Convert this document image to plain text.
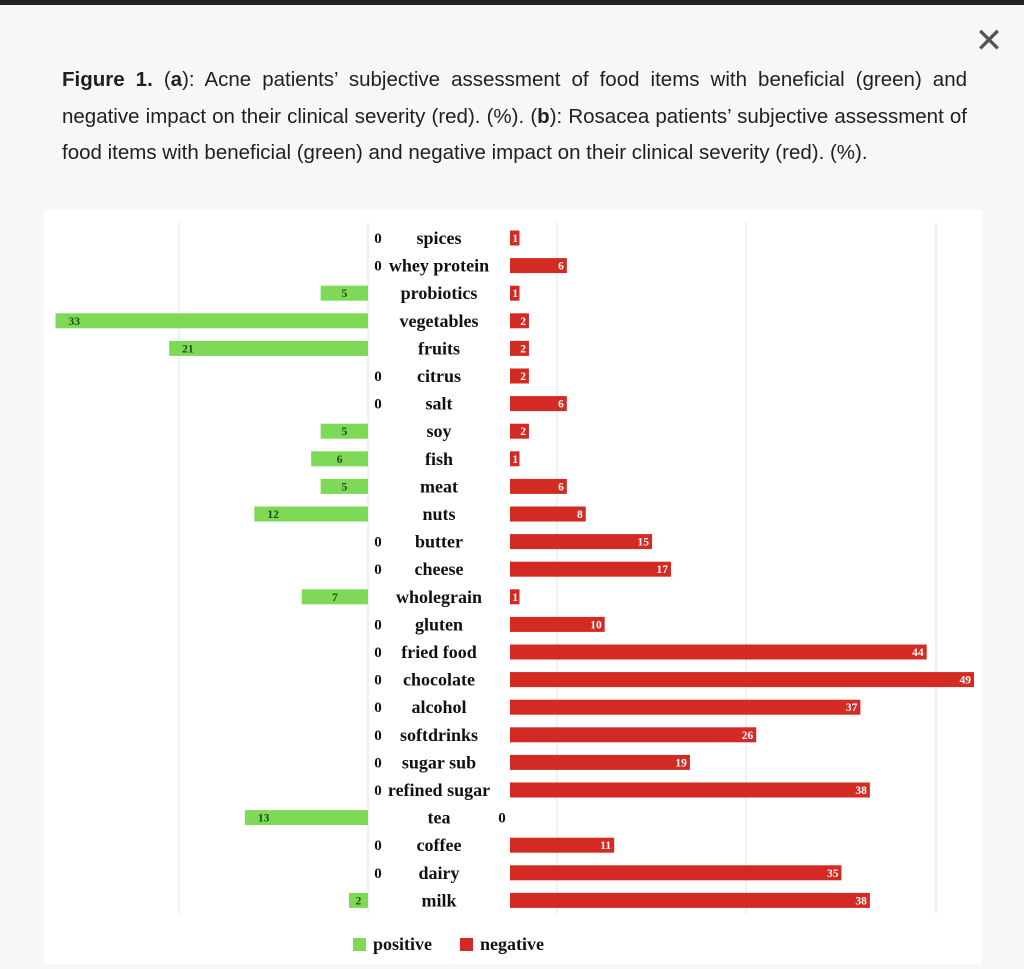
✕
Figure 1. (a): Acne patients’ subjective assessment of food items with beneficial (green) and negative impact on their clinical severity (red). (%). (b): Rosacea patients’ subjective assessment of food items with beneficial (green) and negative impact on their clinical severity (red). (%).
spices
0	1
whey protein
0	6
probiotics
5	1
vegetables
33	2
fruits
21	2
citrus
0	2
salt
0	6
soy
5	2
fish
6	1
meat
5	6
nuts
12	8
butter
0	15
cheese
0	17
wholegrain
7	1
gluten
0	10
fried food
0	44
chocolate
0	49
alcohol
0	37
softdrinks
0	26
sugar sub
0	19
refined sugar
0	38
tea
13	0
coffee
0	11
dairy
0	35
milk
2	38
positive	negative
